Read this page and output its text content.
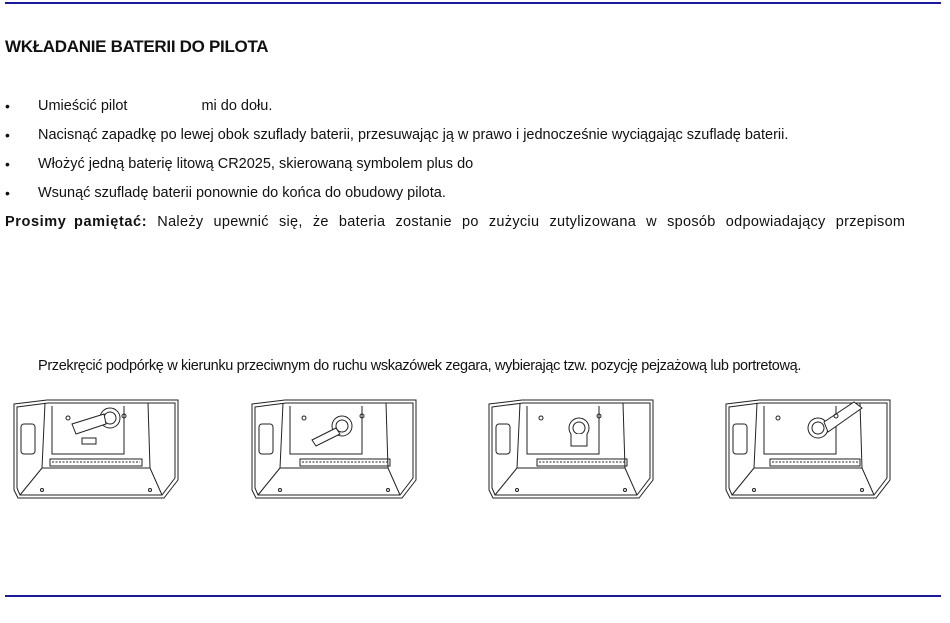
WKŁADANIE BATERII DO PILOTA
• Umieścić pilot	mi do dołu.
• Nacisnąć zapadkę po lewej obok szuflady baterii, przesuwając ją w prawo i jednocześnie wyciągając szufladę baterii.
• Włożyć jedną baterię litową CR2025, skierowaną symbolem plus do
• Wsunąć szufladę baterii ponownie do końca do obudowy pilota.
Prosimy pamiętać: Należy upewnić się, że bateria zostanie po zużyciu zutylizowana w sposób odpowiadający przepisom
Przekręcić podpórkę w kierunku przeciwnym do ruchu wskazówek zegara, wybierając tzw. pozycję pejzażową lub portretową.
